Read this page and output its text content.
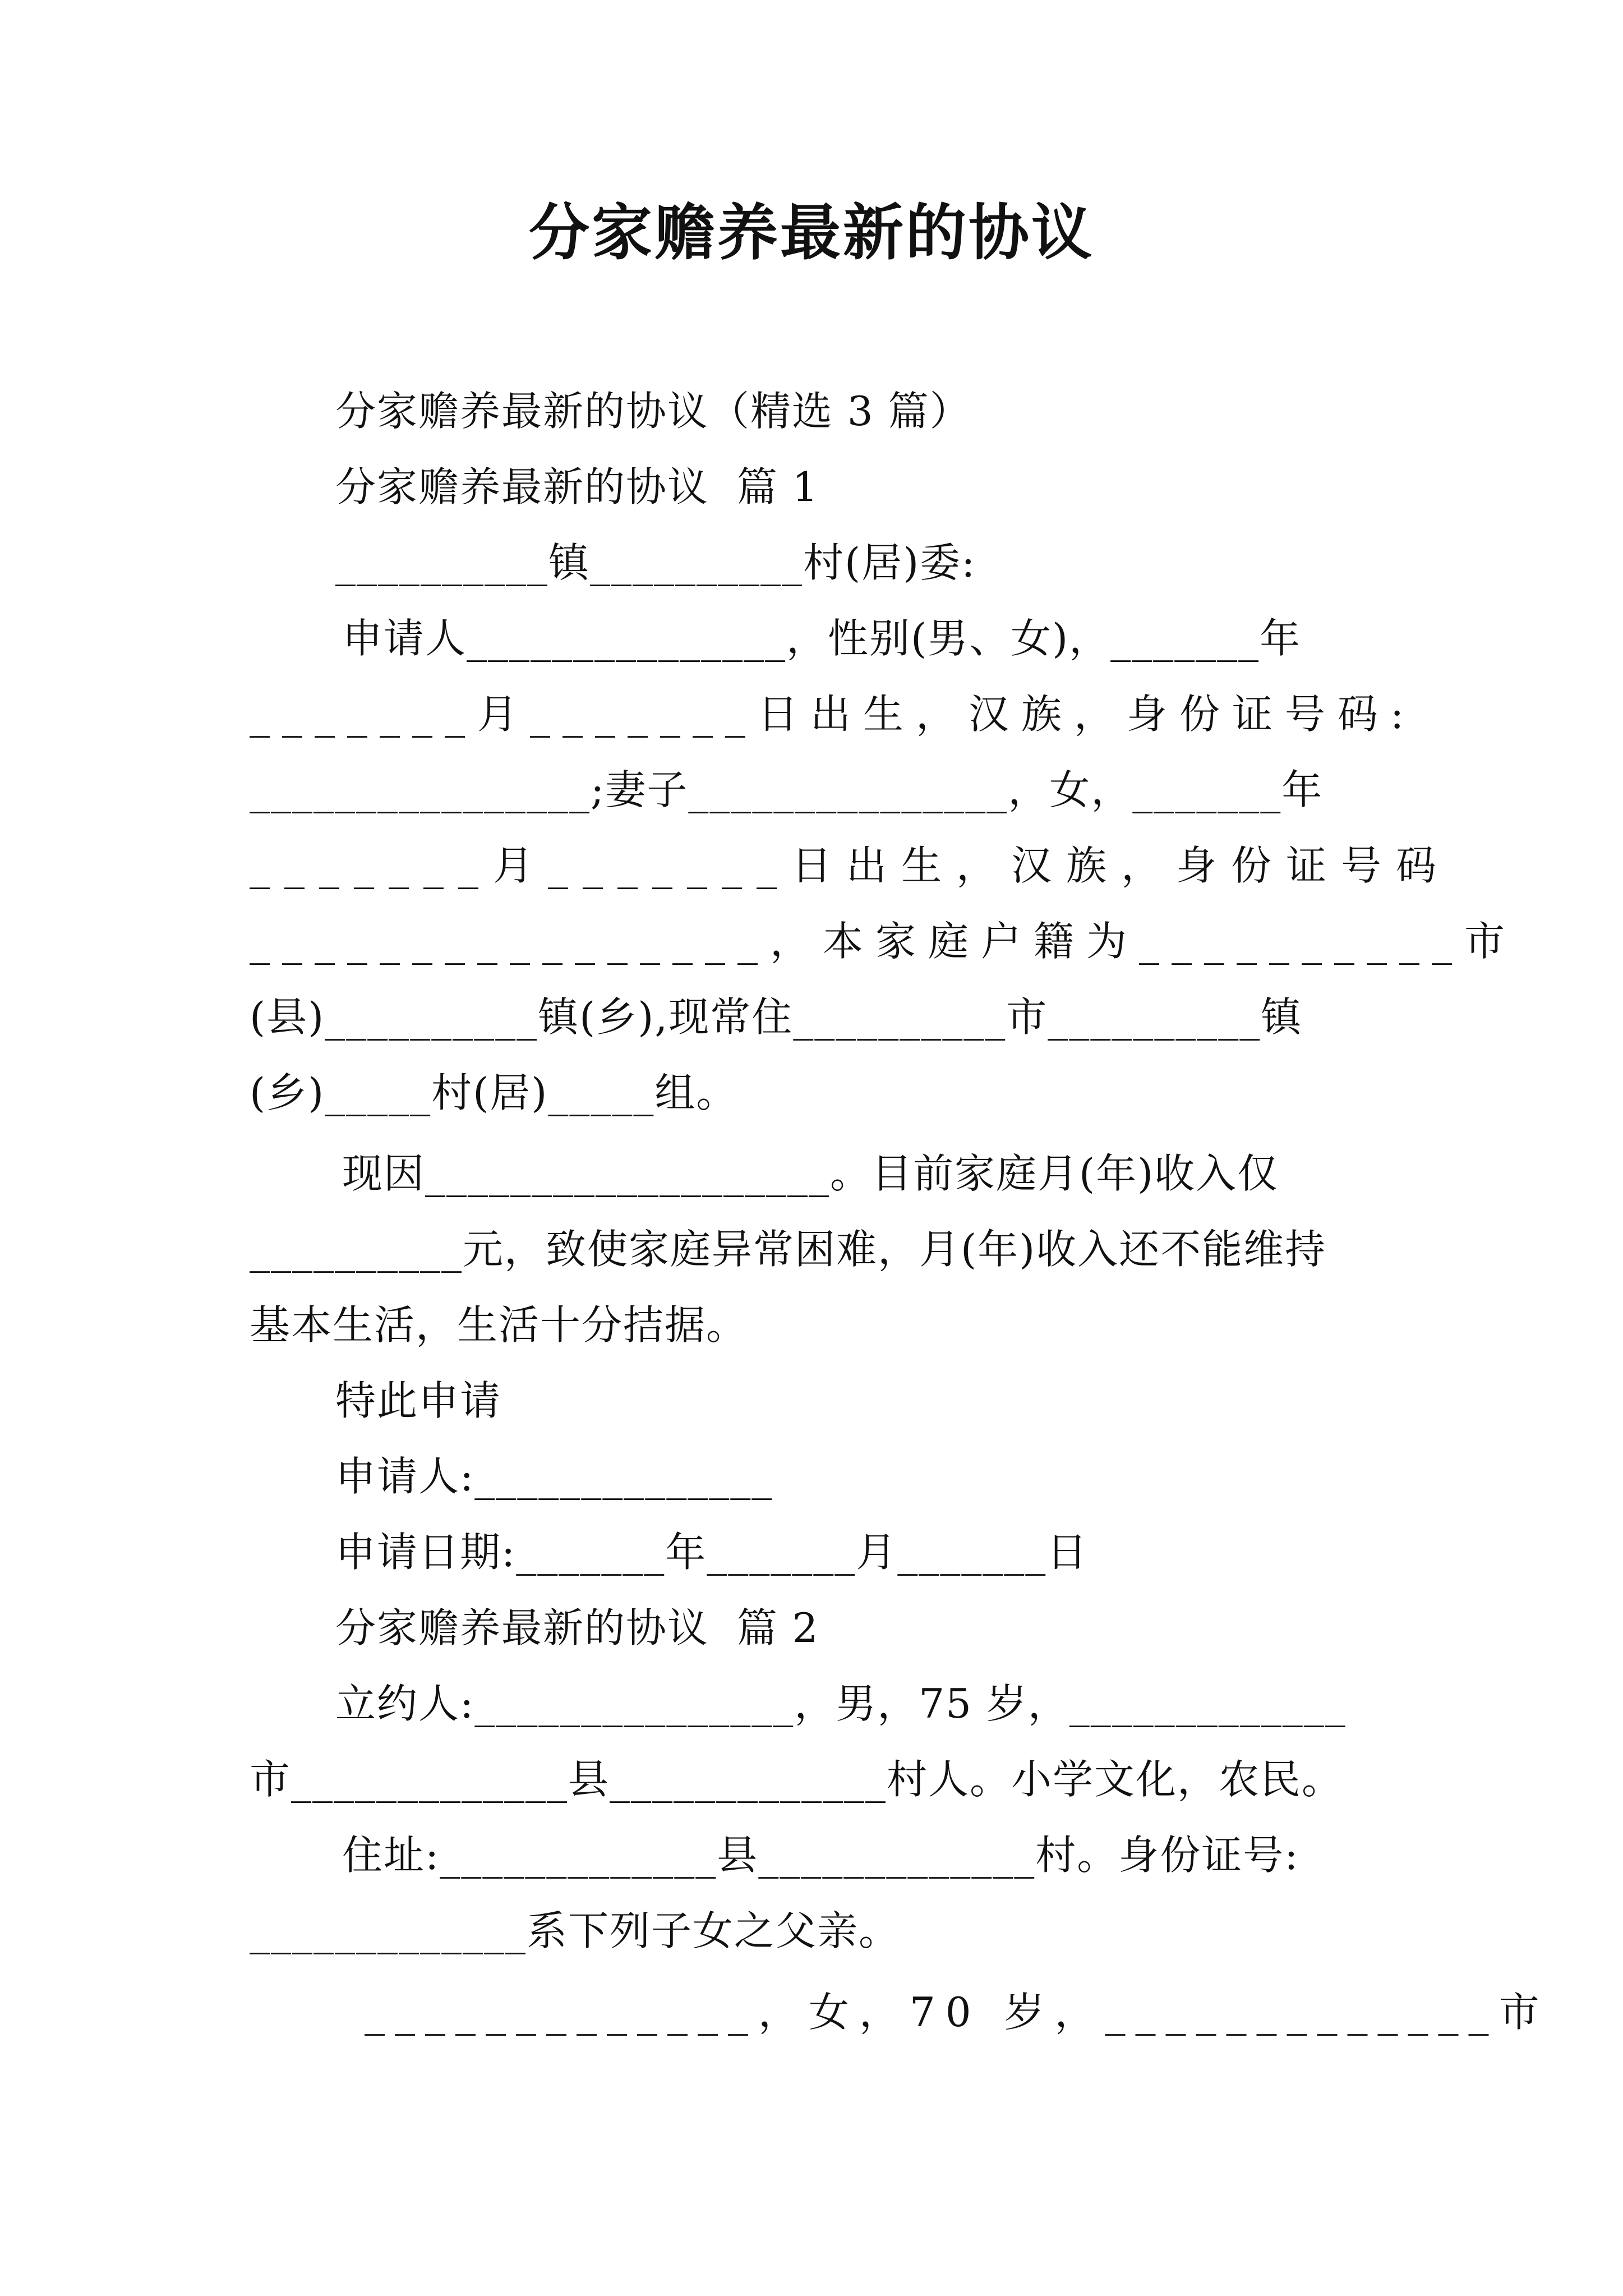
分家赡养最新的协议
分家赡养最新的协议（精选 3 篇）
分家赡养最新的协议  篇 1
__________镇__________村(居)委:
申请人_______________，性别(男、女)，_______年
_______月_______日出生，汉族，身份证号码:
________________;妻子_______________，女，_______年
_______月_______日出生，汉族，身份证号码
________________，本家庭户籍为__________市
(县)__________镇(乡),现常住__________市__________镇
(乡)_____村(居)_____组。
现因___________________。目前家庭月(年)收入仅
__________元，致使家庭异常困难，月(年)收入还不能维持
基本生活，生活十分拮据。
特此申请
申请人:______________
申请日期:_______年_______月_______日
分家赡养最新的协议  篇 2
立约人:_______________，男，75 岁，_____________
市_____________县_____________村人。小学文化，农民。
住址:_____________县_____________村。身份证号:
_____________系下列子女之父亲。
_____________，女，70 岁，_____________市
